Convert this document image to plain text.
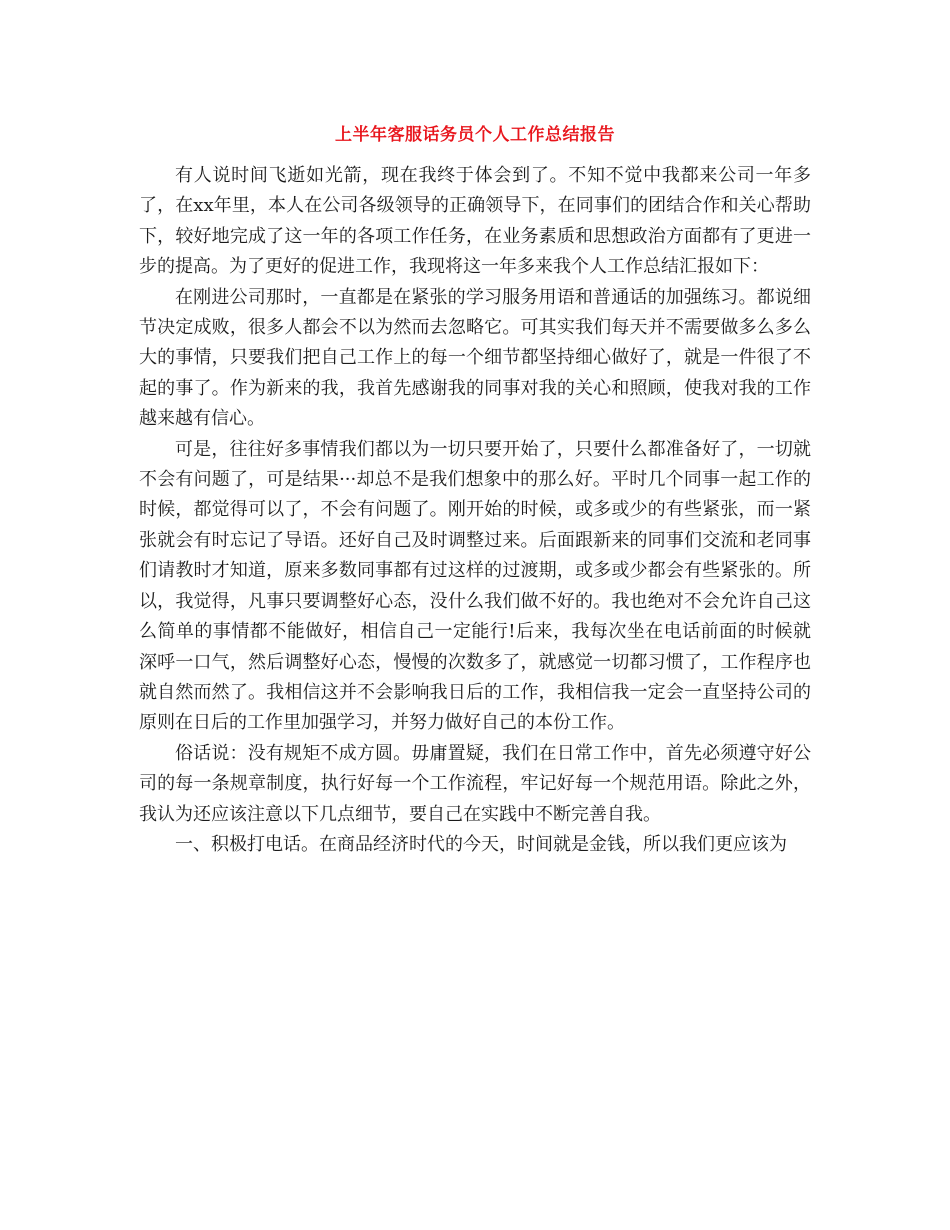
上半年客服话务员个人工作总结报告

有人说时间飞逝如光箭，现在我终于体会到了。不知不觉中我都来公司一年多了，在xx年里，本人在公司各级领导的正确领导下，在同事们的团结合作和关心帮助下，较好地完成了这一年的各项工作任务，在业务素质和思想政治方面都有了更进一步的提高。为了更好的促进工作，我现将这一年多来我个人工作总结汇报如下：

在刚进公司那时，一直都是在紧张的学习服务用语和普通话的加强练习。都说细节决定成败，很多人都会不以为然而去忽略它。可其实我们每天并不需要做多么多么大的事情，只要我们把自己工作上的每一个细节都坚持细心做好了，就是一件很了不起的事了。作为新来的我，我首先感谢我的同事对我的关心和照顾，使我对我的工作越来越有信心。

可是，往往好多事情我们都以为一切只要开始了，只要什么都准备好了，一切就不会有问题了，可是结果···却总不是我们想象中的那么好。平时几个同事一起工作的时候，都觉得可以了，不会有问题了。刚开始的时候，或多或少的有些紧张，而一紧张就会有时忘记了导语。还好自己及时调整过来。后面跟新来的同事们交流和老同事们请教时才知道，原来多数同事都有过这样的过渡期，或多或少都会有些紧张的。所以，我觉得，凡事只要调整好心态，没什么我们做不好的。我也绝对不会允许自己这么简单的事情都不能做好，相信自己一定能行!后来，我每次坐在电话前面的时候就深呼一口气，然后调整好心态，慢慢的次数多了，就感觉一切都习惯了，工作程序也就自然而然了。我相信这并不会影响我日后的工作，我相信我一定会一直坚持公司的原则在日后的工作里加强学习，并努力做好自己的本份工作。

俗话说：没有规矩不成方圆。毋庸置疑，我们在日常工作中，首先必须遵守好公司的每一条规章制度，执行好每一个工作流程，牢记好每一个规范用语。除此之外，我认为还应该注意以下几点细节，要自己在实践中不断完善自我。

一、积极打电话。在商品经济时代的今天，时间就是金钱，所以我们更应该为
